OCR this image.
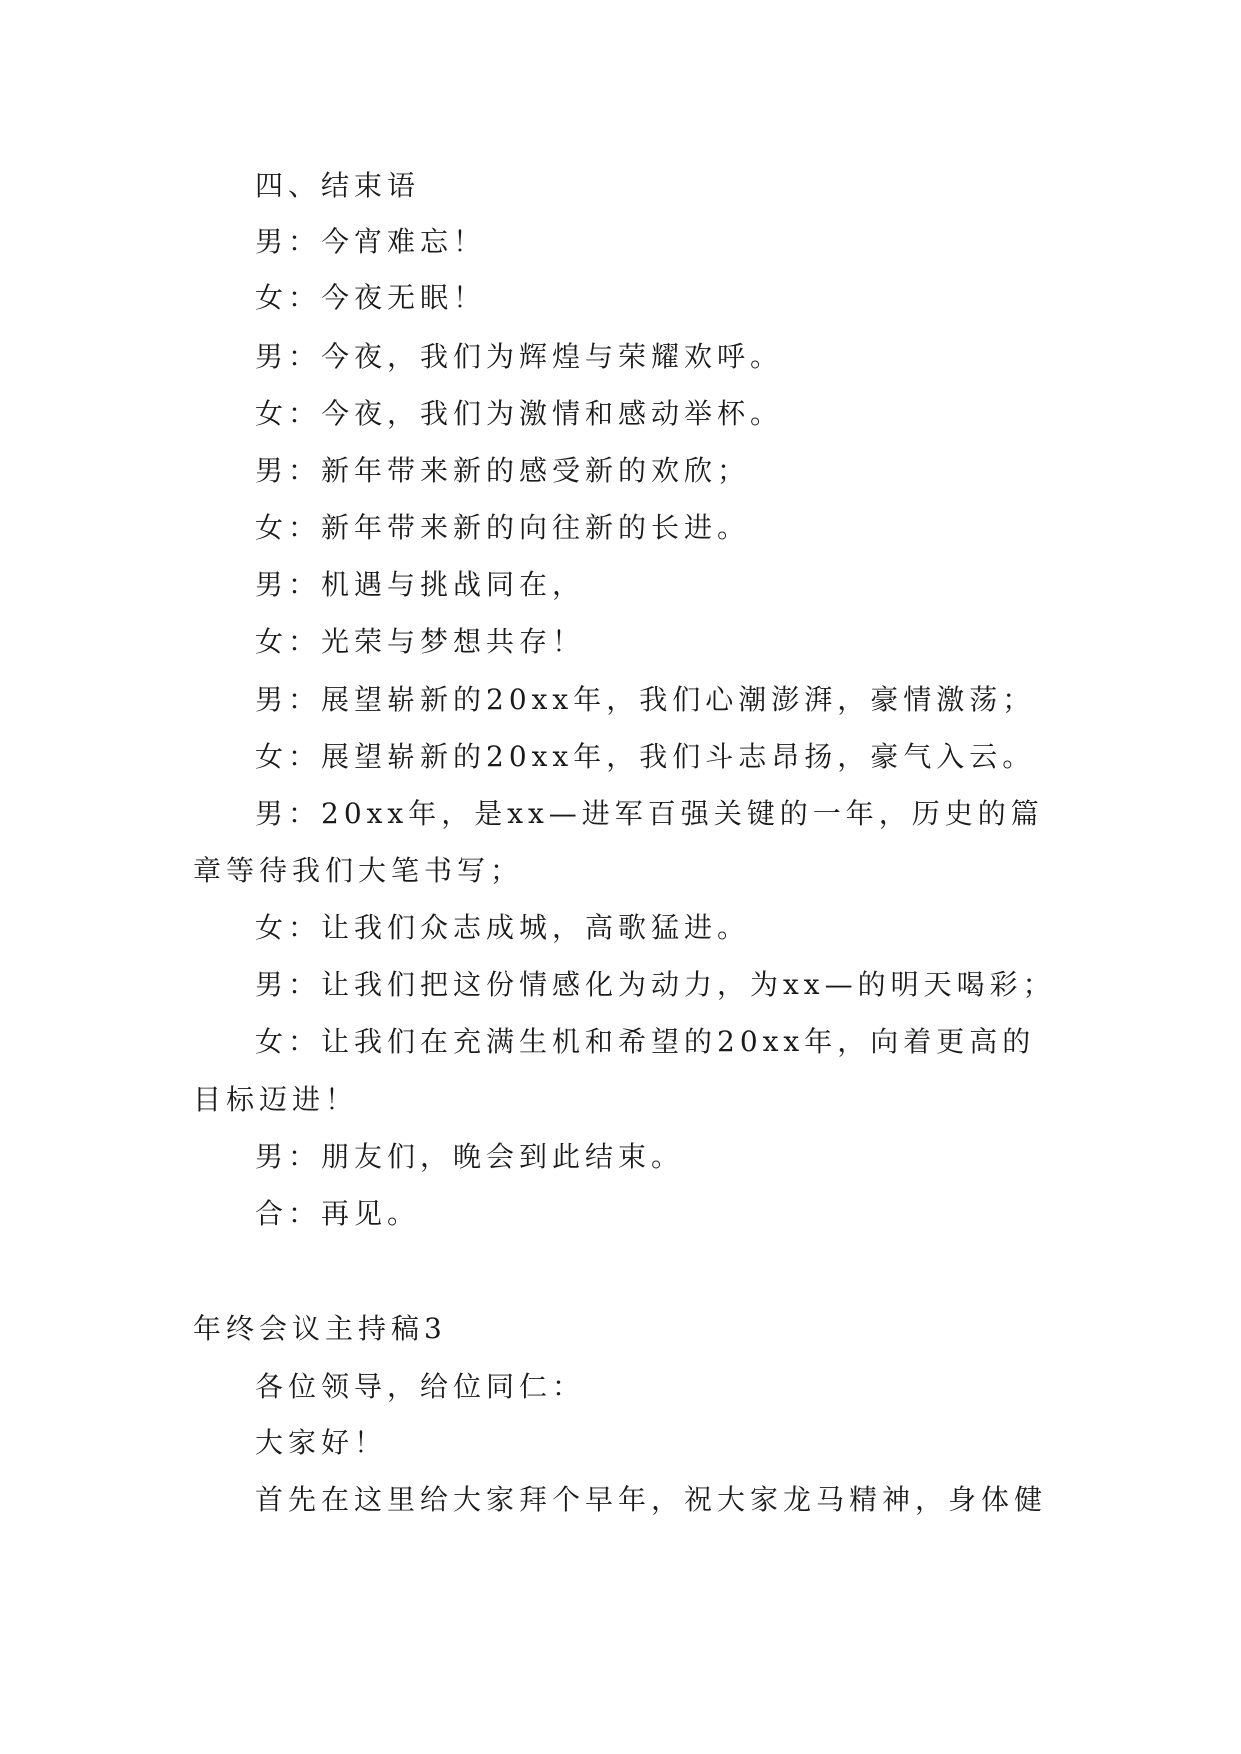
四、结束语
男：今宵难忘！
女：今夜无眠！
男：今夜，我们为辉煌与荣耀欢呼。
女：今夜，我们为激情和感动举杯。
男：新年带来新的感受新的欢欣；
女：新年带来新的向往新的长进。
男：机遇与挑战同在，
女：光荣与梦想共存！
男：展望崭新的20xx年，我们心潮澎湃，豪情激荡；
女：展望崭新的20xx年，我们斗志昂扬，豪气入云。
男：20xx年，是xx—进军百强关键的一年，历史的篇
章等待我们大笔书写；
女：让我们众志成城，高歌猛进。
男：让我们把这份情感化为动力，为xx—的明天喝彩；
女：让我们在充满生机和希望的20xx年，向着更高的
目标迈进！
男：朋友们，晚会到此结束。
合：再见。
年终会议主持稿3
各位领导，给位同仁：
大家好！
首先在这里给大家拜个早年，祝大家龙马精神，身体健
